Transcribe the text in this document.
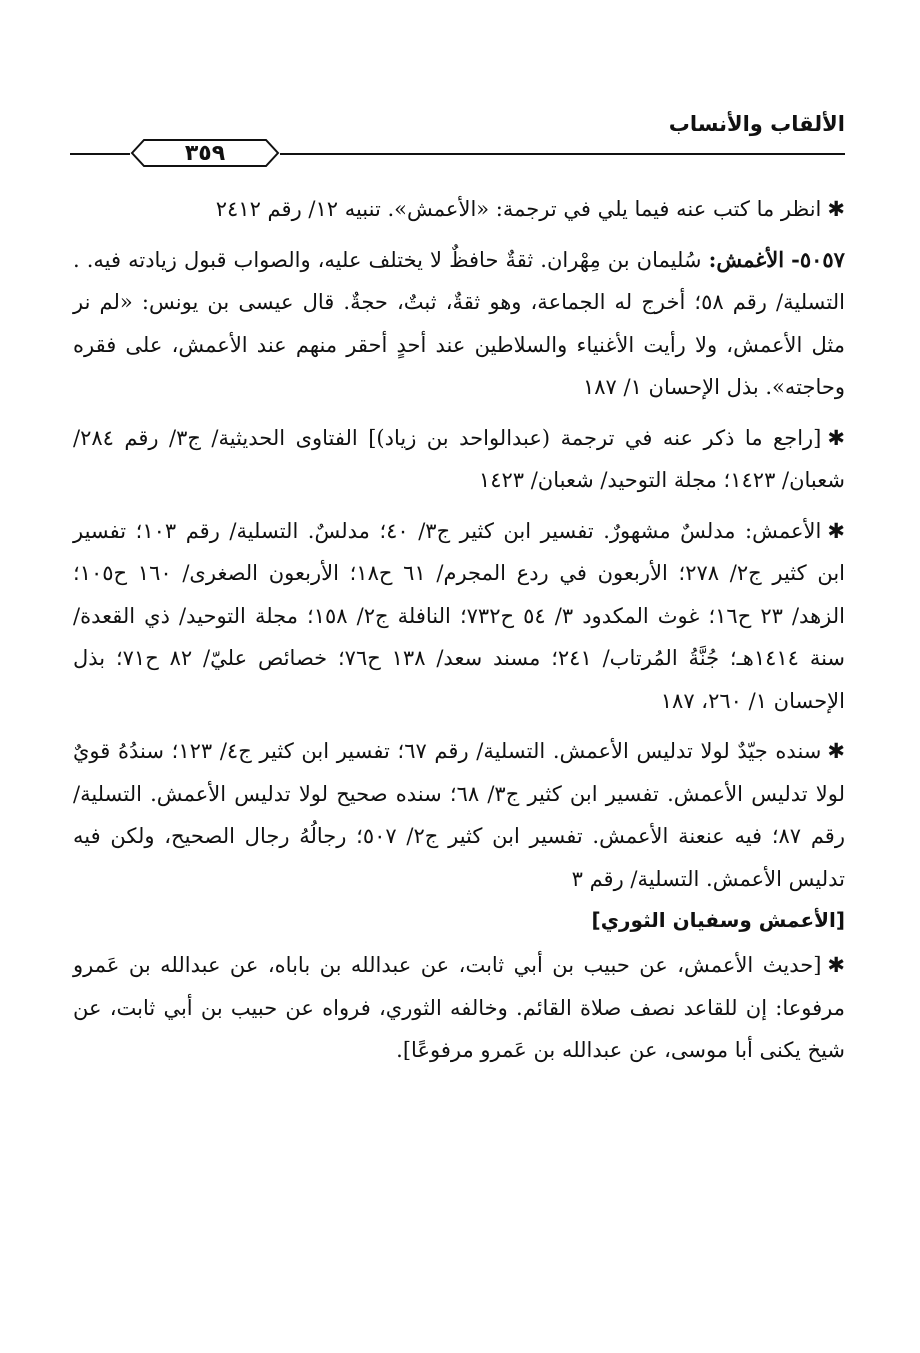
الألقاب والأنساب
٣٥٩

✱انظر ما كتب عنه فيما يلي في ترجمة: «الأعمش». تنبيه ١٢/ رقم ٢٤١٢

٥٠٥٧- الأغمش: سُليمان بن مِهْران. ثقةٌ حافظٌ لا يختلف عليه، والصواب قبول زيادته فيه. . التسلية/ رقم ٥٨؛ أخرج له الجماعة، وهو ثقةٌ، ثبتٌ، حجةٌ. قال عيسى بن يونس: «لم نر مثل الأعمش، ولا رأيت الأغنياء والسلاطين عند أحدٍ أحقر منهم عند الأعمش، على فقره وحاجته». بذل الإحسان ١/ ١٨٧

✱[راجع ما ذكر عنه في ترجمة (عبدالواحد بن زياد)] الفتاوى الحديثية/ ج٣/ رقم ٢٨٤/ شعبان/ ١٤٢٣؛ مجلة التوحيد/ شعبان/ ١٤٢٣

✱الأعمش: مدلسٌ مشهورٌ. تفسير ابن كثير ج٣/ ٤٠؛ مدلسٌ. التسلية/ رقم ١٠٣؛ تفسير ابن كثير ج٢/ ٢٧٨؛ الأربعون في ردع المجرم/ ٦١ ح١٨؛ الأربعون الصغرى/ ١٦٠ ح١٠٥؛ الزهد/ ٢٣ ح١٦؛ غوث المكدود ٣/ ٥٤ ح٧٣٢؛ النافلة ج٢/ ١٥٨؛ مجلة التوحيد/ ذي القعدة/ سنة ١٤١٤هـ؛ جُنَّةُ المُرتاب/ ٢٤١؛ مسند سعد/ ١٣٨ ح٧٦؛ خصائص عليّ/ ٨٢ ح٧١؛ بذل الإحسان ١/ ٢٦٠، ١٨٧

✱سنده جيّدٌ لولا تدليس الأعمش. التسلية/ رقم ٦٧؛ تفسير ابن كثير ج٤/ ١٢٣؛ سندُهُ قويٌ لولا تدليس الأعمش. تفسير ابن كثير ج٣/ ٦٨؛ سنده صحيح لولا تدليس الأعمش. التسلية/ رقم ٨٧؛ فيه عنعنة الأعمش. تفسير ابن كثير ج٢/ ٥٠٧؛ رجالُهُ رجال الصحيح، ولكن فيه تدليس الأعمش. التسلية/ رقم ٣

[الأعمش وسفيان الثوري]

✱[حديث الأعمش، عن حبيب بن أبي ثابت، عن عبدالله بن باباه، عن عبدالله بن عَمرو مرفوعا: إن للقاعد نصف صلاة القائم. وخالفه الثوري، فرواه عن حبيب بن أبي ثابت، عن شيخ يكنى أبا موسى، عن عبدالله بن عَمرو مرفوعًا].
